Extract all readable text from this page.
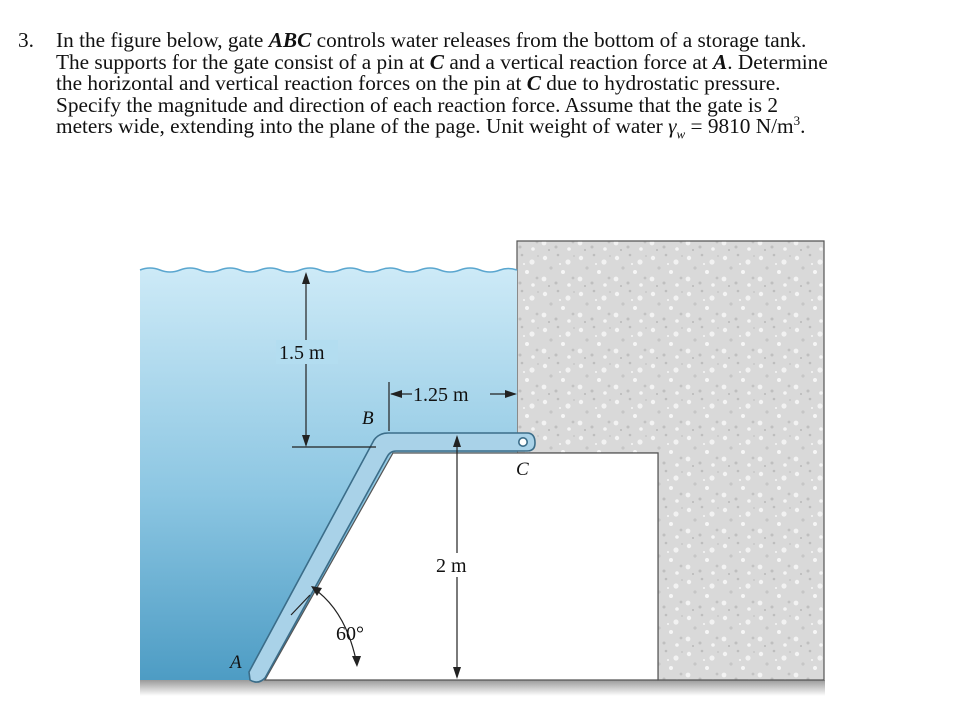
3. In the figure below, gate ABC controls water releases from the bottom of a storage tank.
The supports for the gate consist of a pin at C and a vertical reaction force at A. Determine
the horizontal and vertical reaction forces on the pin at C due to hydrostatic pressure.
Specify the magnitude and direction of each reaction force. Assume that the gate is 2
meters wide, extending into the plane of the page. Unit weight of water $\gamma_w = 9810$ $N/m^3$.
1.5 m
1.25 m
2 m
60°
A
B
C
